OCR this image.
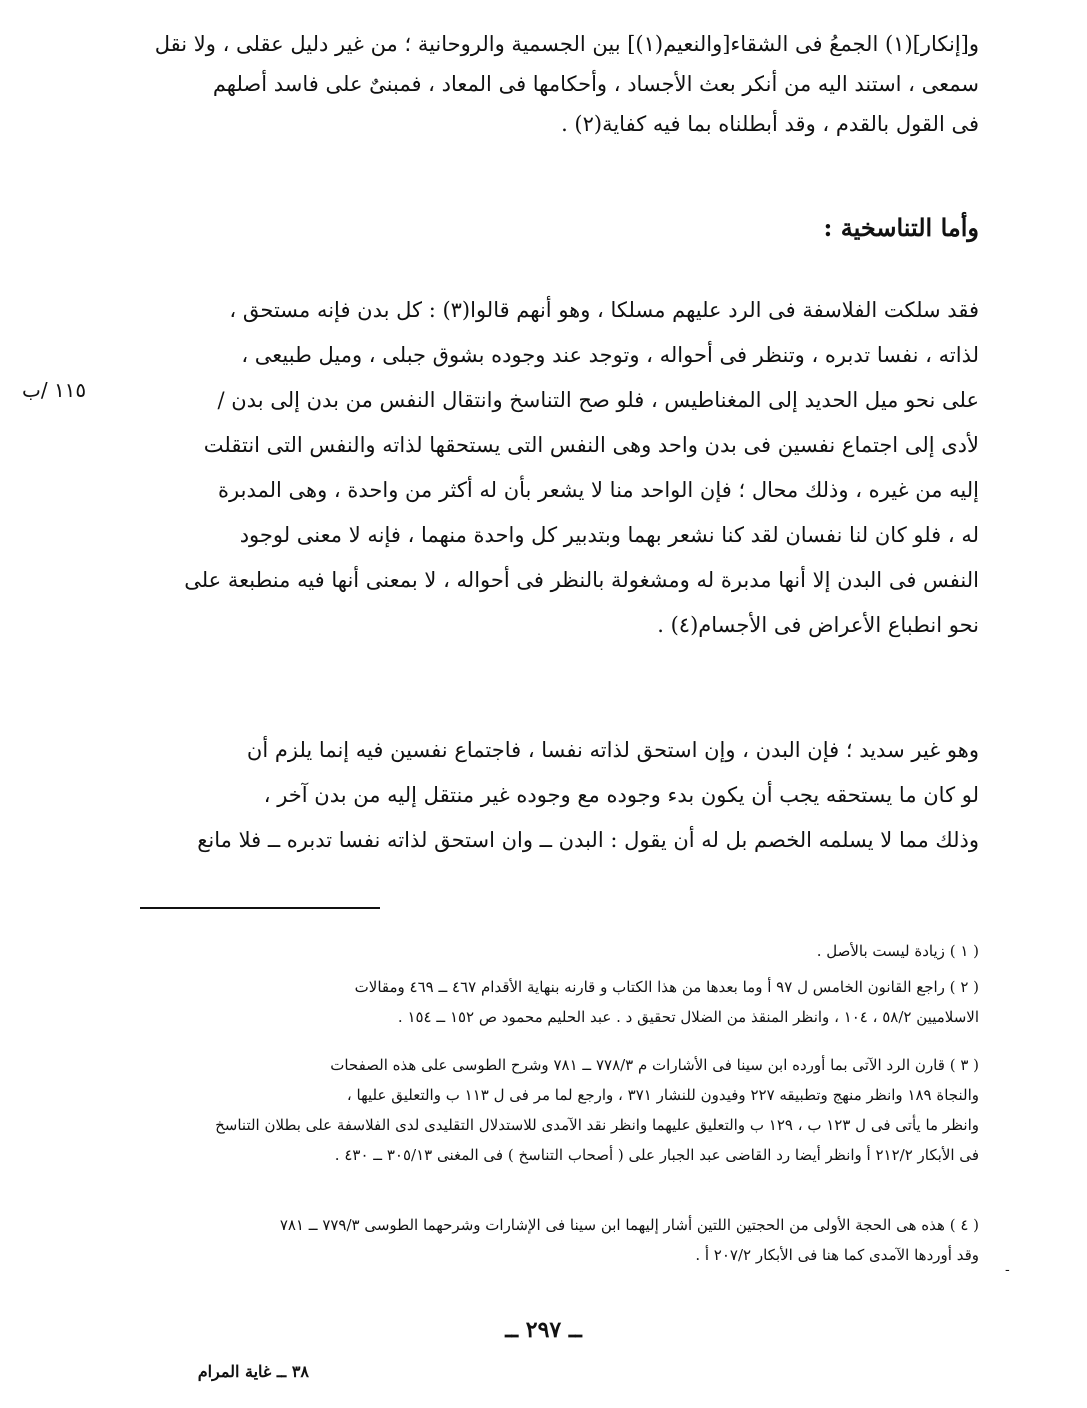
و[إنكار](١) الجمعُ فى الشقاء[والنعيم(١)] بين الجسمية والروحانية ؛ من غير دليل عقلى ، ولا نقل
سمعى ، استند اليه من أنكر بعث الأجساد ، وأحكامها فى المعاد ، فمبنىٌ على فاسد أصلهم
فى القول بالقدم ، وقد أبطلناه بما فيه كفاية(٢) .
وأما التناسخية :
فقد سلكت الفلاسفة فى الرد عليهم مسلكا ، وهو أنهم قالوا(٣) : كل بدن فإنه مستحق ،
لذاته ، نفسا تدبره ، وتنظر فى أحواله ، وتوجد عند وجوده بشوق جبلى ، وميل طبيعى ،
على نحو ميل الحديد إلى المغناطيس ، فلو صح التناسخ وانتقال النفس من بدن إلى بدن /
لأدى إلى اجتماع نفسين فى بدن واحد وهى النفس التى يستحقها لذاته والنفس التى انتقلت
إليه من غيره ، وذلك محال ؛ فإن الواحد منا لا يشعر بأن له أكثر من واحدة ، وهى المدبرة
له ، فلو كان لنا نفسان لقد كنا نشعر بهما وبتدبير كل واحدة منهما ، فإنه لا معنى لوجود
النفس فى البدن إلا أنها مدبرة له ومشغولة بالنظر فى أحواله ، لا بمعنى أنها فيه منطبعة على
نحو انطباع الأعراض فى الأجسام(٤) .
١١٥ /ب
وهو غير سديد ؛ فإن البدن ، وإن استحق لذاته نفسا ، فاجتماع نفسين فيه إنما يلزم أن
لو كان ما يستحقه يجب أن يكون بدء وجوده مع وجوده غير منتقل إليه من بدن آخر ،
وذلك مما لا يسلمه الخصم بل له أن يقول : البدن ــ وان استحق لذاته نفسا تدبره ــ فلا مانع
( ١ ) زيادة ليست بالأصل .
( ٢ ) راجع القانون الخامس ل ٩٧ أ وما بعدها من هذا الكتاب و قارنه بنهاية الأقدام ٤٦٧ ــ ٤٦٩ ومقالات
الاسلاميين ٥٨/٢ ، ١٠٤ ، وانظر المنقذ من الضلال تحقيق د . عبد الحليم محمود ص ١٥٢ ــ ١٥٤ .
( ٣ ) قارن الرد الآتى بما أورده ابن سينا فى الأشارات م ٧٧٨/٣ ــ ٧٨١ وشرح الطوسى على هذه الصفحات
والنجاة ١٨٩ وانظر منهج وتطبيقه ٢٢٧ وفيدون للنشار ٣٧١ ، وارجع لما مر فى ل ١١٣ ب والتعليق عليها ،
وانظر ما يأتى فى ل ١٢٣ ب ، ١٢٩ ب والتعليق عليهما وانظر نقد الآمدى للاستدلال التقليدى لدى الفلاسفة على بطلان التناسخ
فى الأبكار ٢١٢/٢ أ وانظر أيضا رد القاضى عبد الجبار على ( أصحاب التناسخ ) فى المغنى ٣٠٥/١٣ ــ ٤٣٠ .
( ٤ ) هذه هى الحجة الأولى من الحجتين اللتين أشار إليهما ابن سينا فى الإشارات وشرحهما الطوسى ٧٧٩/٣ ــ ٧٨١
وقد أوردها الآمدى كما هنا فى الأبكار ٢٠٧/٢ أ .
-
ــ ٢٩٧ ــ
٣٨ ــ غاية المرام
